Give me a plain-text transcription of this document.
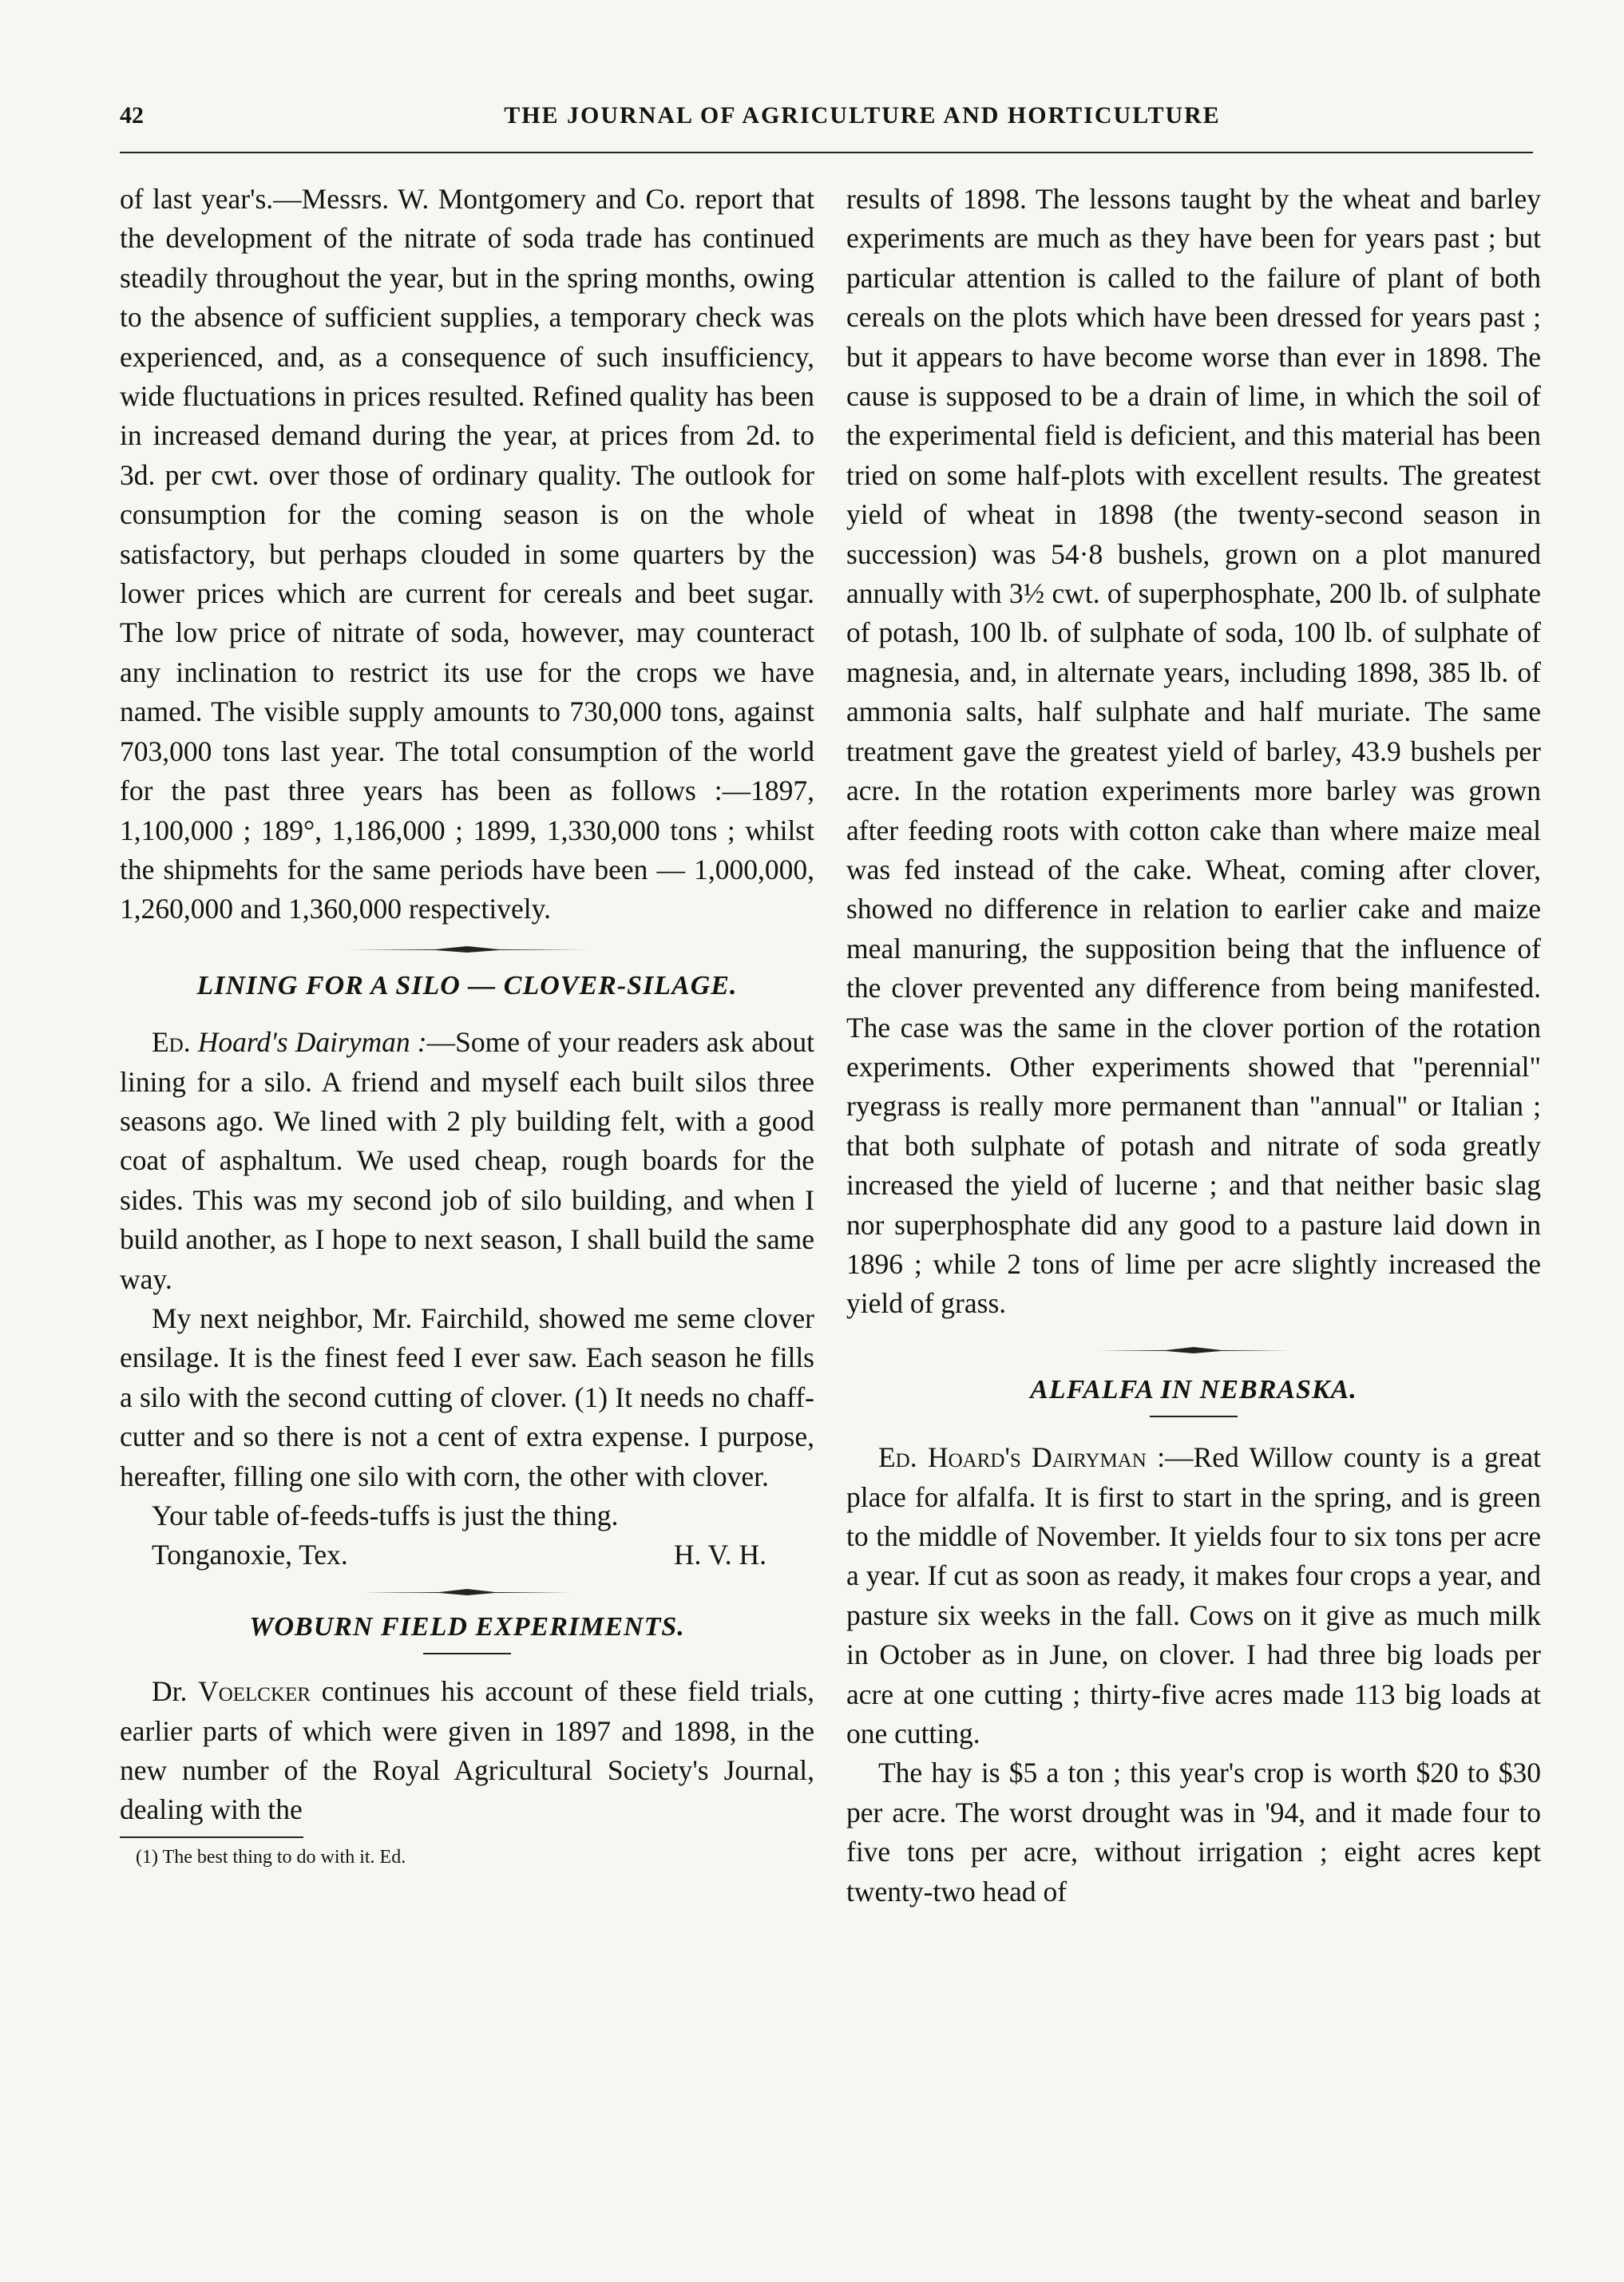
42	THE JOURNAL OF AGRICULTURE AND HORTICULTURE

of last year's.—Messrs. W. Montgomery and Co. report that the development of the nitrate of soda trade has continued steadily throughout the year, but in the spring months, owing to the absence of sufficient supplies, a temporary check was experienced, and, as a consequence of such insufficiency, wide fluctuations in prices resulted. Refined quality has been in increased demand during the year, at prices from 2d. to 3d. per cwt. over those of ordinary quality. The outlook for consumption for the coming season is on the whole satisfactory, but perhaps clouded in some quarters by the lower prices which are current for cereals and beet sugar. The low price of nitrate of soda, however, may counteract any inclination to restrict its use for the crops we have named. The visible supply amounts to 730,000 tons, against 703,000 tons last year. The total consumption of the world for the past three years has been as follows :—1897, 1,100,000 ; 189°, 1,186,000 ; 1899, 1,330,000 tons ; whilst the shipmehts for the same periods have been — 1,000,000, 1,260,000 and 1,360,000 respectively.

LINING FOR A SILO — CLOVER-SILAGE.

Ed. Hoard's Dairyman :—Some of your readers ask about lining for a silo. A friend and myself each built silos three seasons ago. We lined with 2 ply building felt, with a good coat of asphaltum. We used cheap, rough boards for the sides. This was my second job of silo building, and when I build another, as I hope to next season, I shall build the same way.

My next neighbor, Mr. Fairchild, showed me seme clover ensilage. It is the finest feed I ever saw. Each season he fills a silo with the second cutting of clover. (1) It needs no chaff-cutter and so there is not a cent of extra expense. I purpose, hereafter, filling one silo with corn, the other with clover.

Your table of-feeds-tuffs is just the thing.

Tonganoxie, Tex.	H. V. H.

WOBURN FIELD EXPERIMENTS.

Dr. Voelcker continues his account of these field trials, earlier parts of which were given in 1897 and 1898, in the new number of the Royal Agricultural Society's Journal, dealing with the

(1) The best thing to do with it. Ed.

results of 1898. The lessons taught by the wheat and barley experiments are much as they have been for years past ; but particular attention is called to the failure of plant of both cereals on the plots which have been dressed for years past ; but it appears to have become worse than ever in 1898. The cause is supposed to be a drain of lime, in which the soil of the experimental field is deficient, and this material has been tried on some half-plots with excellent results. The greatest yield of wheat in 1898 (the twenty-second season in succession) was 54·8 bushels, grown on a plot manured annually with 3½ cwt. of superphosphate, 200 lb. of sulphate of potash, 100 lb. of sulphate of soda, 100 lb. of sulphate of magnesia, and, in alternate years, including 1898, 385 lb. of ammonia salts, half sulphate and half muriate. The same treatment gave the greatest yield of barley, 43.9 bushels per acre. In the rotation experiments more barley was grown after feeding roots with cotton cake than where maize meal was fed instead of the cake. Wheat, coming after clover, showed no difference in relation to earlier cake and maize meal manuring, the supposition being that the influence of the clover prevented any difference from being manifested. The case was the same in the clover portion of the rotation experiments. Other experiments showed that "perennial" ryegrass is really more permanent than "annual" or Italian ; that both sulphate of potash and nitrate of soda greatly increased the yield of lucerne ; and that neither basic slag nor superphosphate did any good to a pasture laid down in 1896 ; while 2 tons of lime per acre slightly increased the yield of grass.

ALFALFA IN NEBRASKA.

Ed. Hoard's Dairyman :—Red Willow county is a great place for alfalfa. It is first to start in the spring, and is green to the middle of November. It yields four to six tons per acre a year. If cut as soon as ready, it makes four crops a year, and pasture six weeks in the fall. Cows on it give as much milk in October as in June, on clover. I had three big loads per acre at one cutting ; thirty-five acres made 113 big loads at one cutting.

The hay is $5 a ton ; this year's crop is worth $20 to $30 per acre. The worst drought was in '94, and it made four to five tons per acre, without irrigation ; eight acres kept twenty-two head of
